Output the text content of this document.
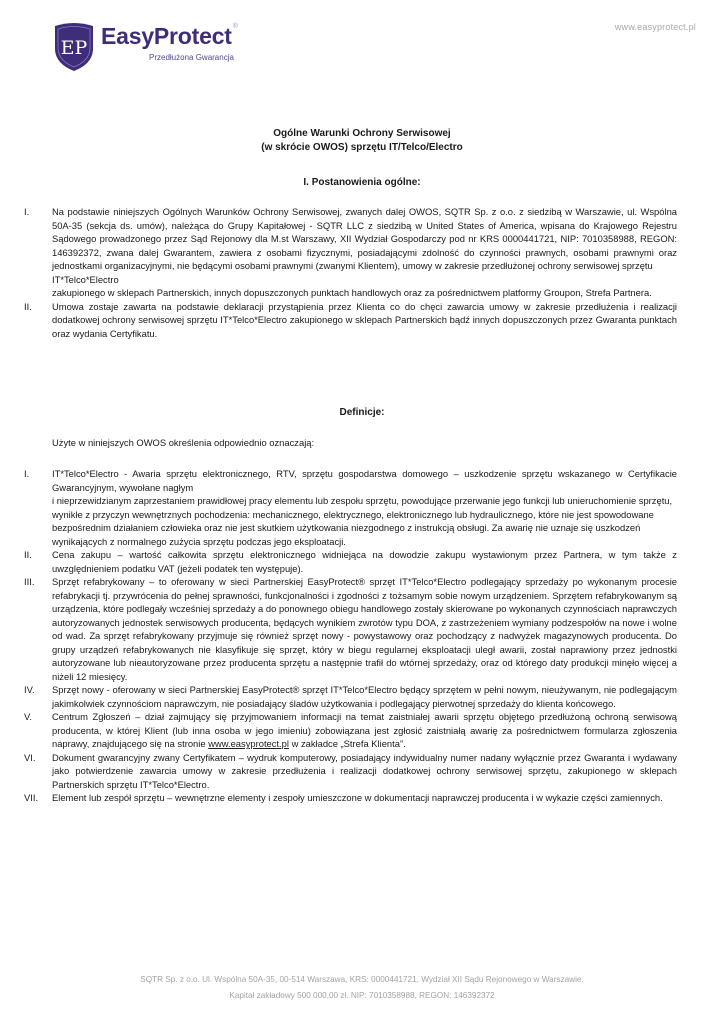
www.easyprotect.pl
EP EasyProtect®
Przedłużona Gwarancja
Ogólne Warunki Ochrony Serwisowej
(w skrócie OWOS) sprzętu IT/Telco/Electro
I. Postanowienia ogólne:
I.	Na podstawie niniejszych Ogólnych Warunków Ochrony Serwisowej, zwanych dalej OWOS, SQTR Sp. z o.o. z siedzibą w Warszawie, ul. Wspólna 50A-35 (sekcja ds. umów), należąca do Grupy Kapitałowej - SQTR LLC z siedzibą w United States of America, wpisana do Krajowego Rejestru Sądowego prowadzonego przez Sąd Rejonowy dla M.st Warszawy, XII Wydział Gospodarczy pod nr KRS 0000441721, NIP: 7010358988, REGON: 146392372, zwana dalej Gwarantem, zawiera z osobami fizycznymi, posiadającymi zdolność do czynności prawnych, osobami prawnymi oraz jednostkami organizacyjnymi, nie będącymi osobami prawnymi (zwanymi Klientem), umowy w zakresie przedłużonej ochrony serwisowej sprzętu

IT*Telco*Electro

zakupionego w sklepach Partnerskich, innych dopuszczonych punktach handlowych oraz za pośrednictwem platformy Groupon, Strefa Partnera.

II.	Umowa zostaje zawarta na podstawie deklaracji przystąpienia przez Klienta co do chęci zawarcia umowy w zakresie przedłużenia i realizacji dodatkowej ochrony serwisowej sprzętu IT*Telco*Electro zakupionego w sklepach Partnerskich bądź innych dopuszczonych przez Gwaranta punktach oraz wydania Certyfikatu.

Definicje:
Użyte w niniejszych OWOS określenia odpowiednio oznaczają:
I.	IT*Telco*Electro - Awaria sprzętu elektronicznego, RTV, sprzętu gospodarstwa domowego – uszkodzenie sprzętu wskazanego w Certyfikacie Gwarancyjnym, wywołane nagłym

i nieprzewidzianym zaprzestaniem prawidłowej pracy elementu lub zespołu sprzętu, powodujące przerwanie jego funkcji lub unieruchomienie sprzętu, wynikłe z przyczyn wewnętrznych pochodzenia: mechanicznego, elektrycznego, elektronicznego lub hydraulicznego, które nie jest spowodowane bezpośrednim działaniem człowieka oraz nie jest skutkiem użytkowania niezgodnego z instrukcją obsługi. Za awarię nie uznaje się uszkodzeń wynikających z normalnego zużycia sprzętu podczas jego eksploatacji.

II.	Cena zakupu – wartość całkowita sprzętu elektronicznego widniejąca na dowodzie zakupu wystawionym przez Partnera, w tym także z uwzględnieniem podatku VAT (jeżeli podatek ten występuje).

III.	Sprzęt refabrykowany – to oferowany w sieci Partnerskiej EasyProtect® sprzęt IT*Telco*Electro podlegający sprzedaży po wykonanym procesie refabrykacji tj. przywrócenia do pełnej sprawności, funkcjonalności i zgodności z tożsamym sobie nowym urządzeniem. Sprzętem refabrykowanym są urządzenia, które podlegały wcześniej sprzedaży a do ponownego obiegu handlowego zostały skierowane po wykonanych czynnościach naprawczych autoryzowanych jednostek serwisowych producenta, będących wynikiem zwrotów typu DOA, z zastrzeżeniem wymiany podzespołów na nowe i wolne od wad. Za sprzęt refabrykowany przyjmuje się również sprzęt nowy - powystawowy oraz pochodzący z nadwyżek magazynowych producenta. Do grupy urządzeń refabrykowanych nie klasyfikuje się sprzęt, który w biegu regularnej eksploatacji uległ awarii, został naprawiony przez jednostki autoryzowane lub nieautoryzowane przez producenta sprzętu a następnie trafił do wtórnej sprzedaży, oraz od którego daty produkcji minęło więcej a niżeli 12 miesięcy.

IV.	Sprzęt nowy - oferowany w sieci Partnerskiej EasyProtect® sprzęt IT*Telco*Electro będący sprzętem w pełni nowym, nieużywanym, nie podlegającym jakimkolwiek czynnościom naprawczym, nie posiadający śladów użytkowania i podlegający pierwotnej sprzedaży do klienta końcowego.

V.	Centrum Zgłoszeń – dział zajmujący się przyjmowaniem informacji na temat zaistniałej awarii sprzętu objętego przedłużoną ochroną serwisową producenta, w której Klient (lub inna osoba w jego imieniu) zobowiązana jest zgłosić zaistniałą awarię za pośrednictwem formularza zgłoszenia naprawy, znajdującego się na stronie www.easyprotect.pl w zakładce „Strefa Klienta”.

VI.	Dokument gwarancyjny zwany Certyfikatem – wydruk komputerowy, posiadający indywidualny numer nadany wyłącznie przez Gwaranta i wydawany jako potwierdzenie zawarcia umowy w zakresie przedłużenia i realizacji dodatkowej ochrony serwisowej sprzętu, zakupionego w sklepach Partnerskich sprzętu IT*Telco*Electro.

VII.	Element lub zespół sprzętu – wewnętrzne elementy i zespoły umieszczone w dokumentacji naprawczej producenta i w wykazie części zamiennych.

SQTR Sp. z o.o. Ul. Wspólna 50A-35, 00-514 Warszawa, KRS: 0000441721, Wydział XII Sądu Rejonowego w Warszawie.
Kapitał zakładowy 500 000,00 zł. NIP: 7010358988, REGON: 146392372
